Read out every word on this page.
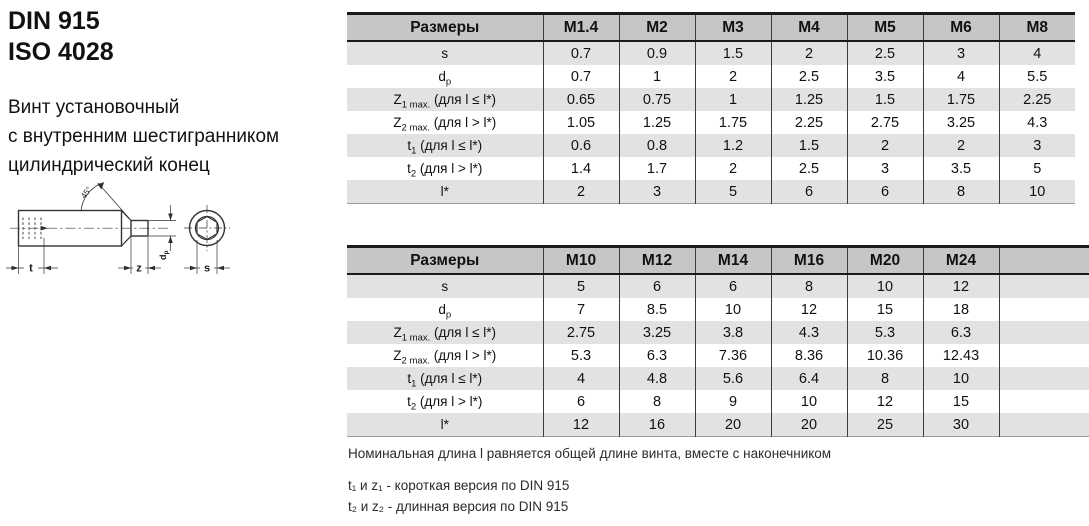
DIN 915
ISO 4028
Винт установочный
с внутренним шестигранником
цилиндрический конец
t	z	s
$d_p$
45°
Размеры	M1.4	M2	M3	M4	M5	M6	M8
s	0.7	0.9	1.5	2	2.5	3	4
$d_p$	0.7	1	2	2.5	3.5	4	5.5
$Z_{1 max.}$ (для l ≤ l*)	0.65	0.75	1	1.25	1.5	1.75	2.25
$Z_{2 max.}$ (для l > l*)	1.05	1.25	1.75	2.25	2.75	3.25	4.3
$t_1$ (для l ≤ l*)	0.6	0.8	1.2	1.5	2	2	3
$t_2$ (для l > l*)	1.4	1.7	2	2.5	3	3.5	5
l*	2	3	5	6	6	8	10
Размеры	M10	M12	M14	M16	M20	M24	
s	5	6	6	8	10	12	
$d_p$	7	8.5	10	12	15	18	
$Z_{1 max.}$ (для l ≤ l*)	2.75	3.25	3.8	4.3	5.3	6.3	
$Z_{2 max.}$ (для l > l*)	5.3	6.3	7.36	8.36	10.36	12.43	
$t_1$ (для l ≤ l*)	4	4.8	5.6	6.4	8	10	
$t_2$ (для l > l*)	6	8	9	10	12	15	
l*	12	16	20	20	25	30	

Номинальная длина l равняется общей длине винта, вместе с наконечником

t₁ и z₁ - короткая версия по DIN 915

t₂ и z₂ - длинная версия по DIN 915
